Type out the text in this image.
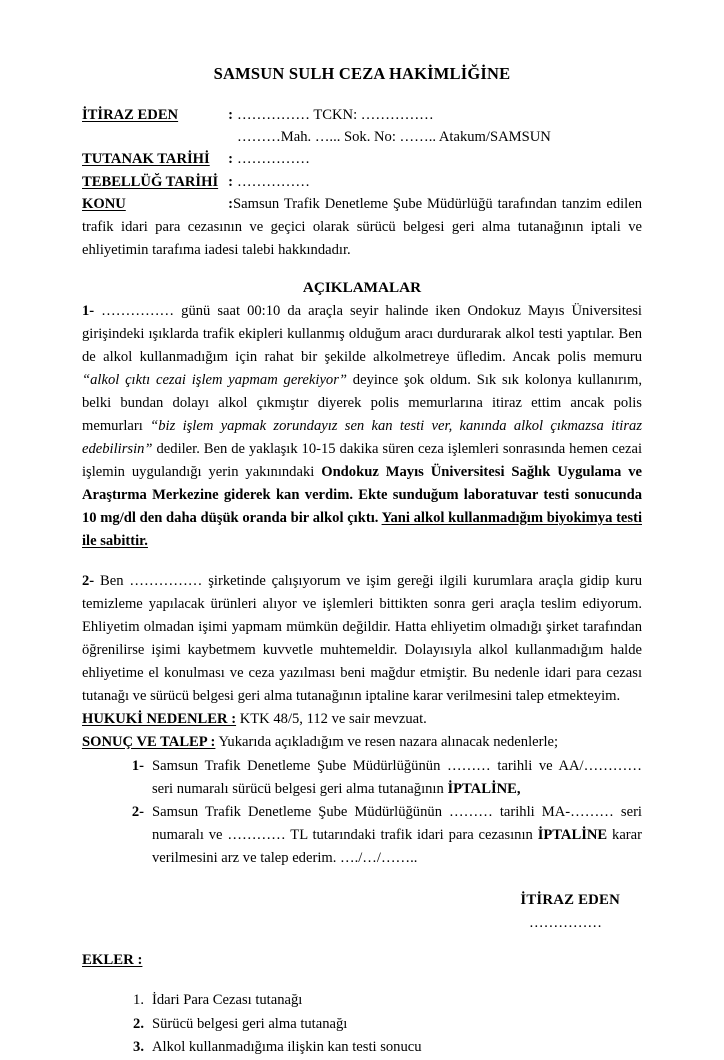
SAMSUN SULH CEZA HAKİMLİĞİNE
İTİRAZ EDEN	: …………… TCKN: ……………
………Mah. …... Sok. No: …….. Atakum/SAMSUN
TUTANAK TARİHİ : ……………
TEBELLÜĞ TARİHİ : ……………
KONU	: Samsun Trafik Denetleme Şube Müdürlüğü tarafından tanzim edilen trafik idari para cezasının ve geçici olarak sürücü belgesi geri alma tutanağının iptali ve ehliyetimin tarafıma iadesi talebi hakkındadır.
AÇIKLAMALAR

1- …………… günü saat 00:10 da araçla seyir halinde iken Ondokuz Mayıs Üniversitesi girişindeki ışıklarda trafik ekipleri kullanmış olduğum aracı durdurarak alkol testi yaptılar. Ben de alkol kullanmadığım için rahat bir şekilde alkolmetreye üfledim. Ancak polis memuru “alkol çıktı cezai işlem yapmam gerekiyor” deyince şok oldum. Sık sık kolonya kullanırım, belki bundan dolayı alkol çıkmıştır diyerek polis memurlarına itiraz ettim ancak polis memurları “biz işlem yapmak zorundayız sen kan testi ver, kanında alkol çıkmazsa itiraz edebilirsin” dediler. Ben de yaklaşık 10-15 dakika süren ceza işlemleri sonrasında hemen cezai işlemin uygulandığı yerin yakınındaki Ondokuz Mayıs Üniversitesi Sağlık Uygulama ve Araştırma Merkezine giderek kan verdim. Ekte sunduğum laboratuvar testi sonucunda 10 mg/dl den daha düşük oranda bir alkol çıktı. Yani alkol kullanmadığım biyokimya testi ile sabittir.

2- Ben …………… şirketinde çalışıyorum ve işim gereği ilgili kurumlara araçla gidip kuru temizleme yapılacak ürünleri alıyor ve işlemleri bittikten sonra geri araçla teslim ediyorum. Ehliyetim olmadan işimi yapmam mümkün değildir. Hatta ehliyetim olmadığı şirket tarafından öğrenilirse işimi kaybetmem kuvvetle muhtemeldir. Dolayısıyla alkol kullanmadığım halde ehliyetime el konulması ve ceza yazılması beni mağdur etmiştir. Bu nedenle idari para cezası tutanağı ve sürücü belgesi geri alma tutanağının iptaline karar verilmesini talep etmekteyim.

HUKUKİ NEDENLER : KTK 48/5, 112 ve sair mevzuat.
SONUÇ VE TALEP : Yukarıda açıkladığım ve resen nazara alınacak nedenlerle;
1- Samsun Trafik Denetleme Şube Müdürlüğünün ……… tarihli ve AA/………… seri numaralı sürücü belgesi geri alma tutanağının İPTALİNE,
2- Samsun Trafik Denetleme Şube Müdürlüğünün ……… tarihli MA-……… seri numaralı ve ………… TL tutarındaki trafik idari para cezasının İPTALİNE karar verilmesini arz ve talep ederim. …./…/……..
İTİRAZ EDEN
……………
EKLER :
1. İdari Para Cezası tutanağı
2. Sürücü belgesi geri alma tutanağı
3. Alkol kullanmadığıma ilişkin kan testi sonucu
